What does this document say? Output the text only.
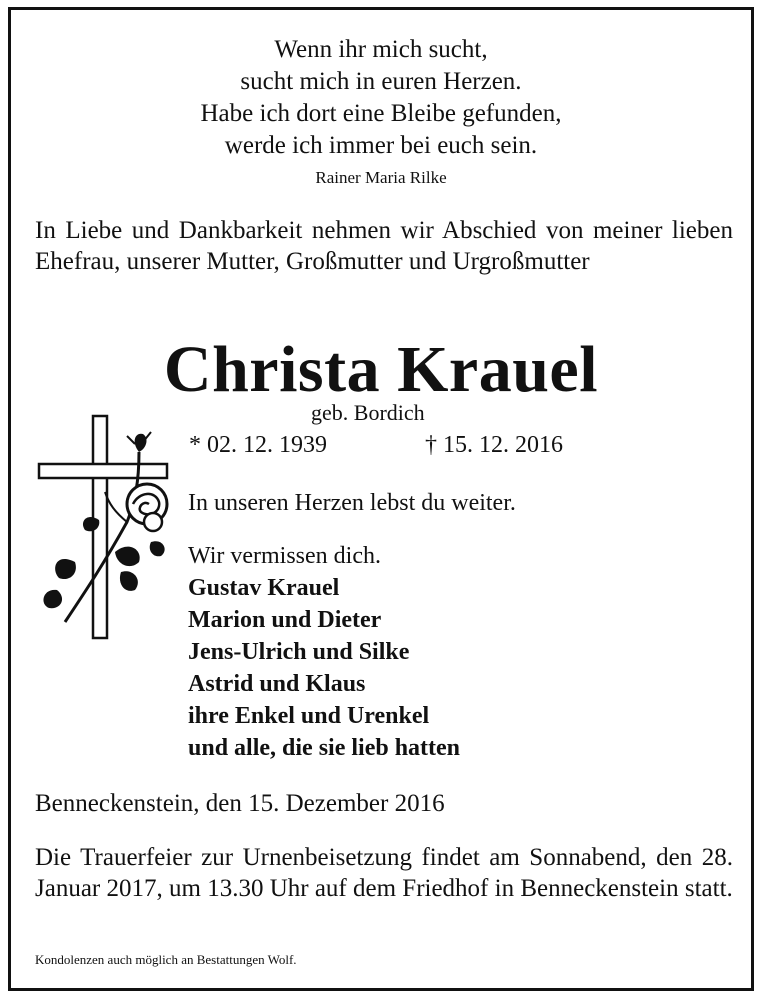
Wenn ihr mich sucht,
sucht mich in euren Herzen.
Habe ich dort eine Bleibe gefunden,
werde ich immer bei euch sein.
Rainer Maria Rilke
In Liebe und Dankbarkeit nehmen wir Abschied von meiner lieben Ehefrau, unserer Mutter, Großmutter und Urgroßmutter
Christa Krauel
geb. Bordich
* 02. 12. 1939	† 15. 12. 2016
In unseren Herzen lebst du weiter.
Wir vermissen dich.
Gustav Krauel
Marion und Dieter
Jens-Ulrich und Silke
Astrid und Klaus
ihre Enkel und Urenkel
und alle, die sie lieb hatten
Benneckenstein, den 15. Dezember 2016
Die Trauerfeier zur Urnenbeisetzung findet am Sonnabend, den 28. Januar 2017, um 13.30 Uhr auf dem Friedhof in Benneckenstein statt.
Kondolenzen auch möglich an Bestattungen Wolf.
